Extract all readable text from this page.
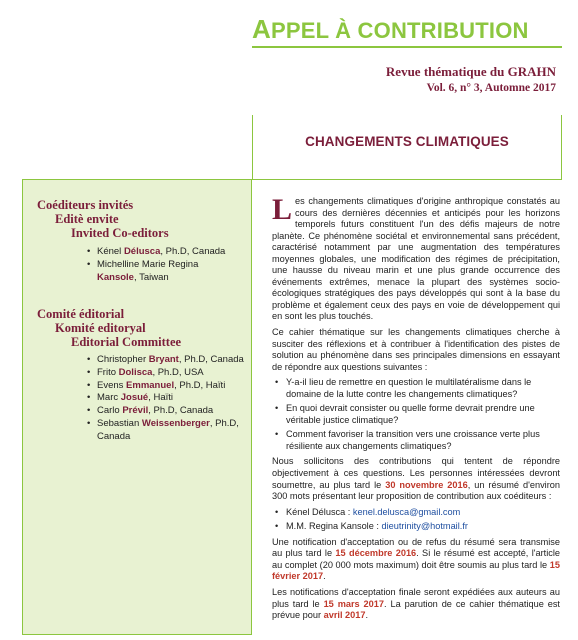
APPEL À CONTRIBUTION
Revue thématique du GRAHN
Vol. 6, n° 3, Automne 2017
CHANGEMENTS CLIMATIQUES
Coéditeurs invités
Editè envite
Invited Co-editors
• Kénel Délusca, Ph.D, Canada
• Michelline Marie Regina Kansole, Taiwan
Comité éditorial
Komité editoryal
Editorial Committee
• Christopher Bryant, Ph.D, Canada
• Frito Dolisca, Ph.D, USA
• Evens Emmanuel, Ph.D, Haïti
• Marc Josué, Haïti
• Carlo Prévil, Ph.D, Canada
• Sebastian Weissenberger, Ph.D, Canada

Les changements climatiques d'origine anthropique constatés au cours des dernières décennies et anticipés pour les horizons temporels futurs constituent l'un des défis majeurs de notre planète. Ce phénomène sociétal et environnemental sans précédent, caractérisé notamment par une augmentation des températures moyennes globales, une modification des régimes de précipitation, une hausse du niveau marin et une plus grande occurrence des événements extrêmes, menace la plupart des systèmes socio-écologiques stratégiques des pays développés qui sont à la base du problème et également ceux des pays en voie de développement qui en sont les plus touchés.

Ce cahier thématique sur les changements climatiques cherche à susciter des réflexions et à contribuer à l'identification des pistes de solution au phénomène dans ses principales dimensions en essayant de répondre aux questions suivantes :

• Y-a-il lieu de remettre en question le multilatéralisme dans le domaine de la lutte contre les changements climatiques?
• En quoi devrait consister ou quelle forme devrait prendre une véritable justice climatique?
• Comment favoriser la transition vers une croissance verte plus résiliente aux changements climatiques?

Nous sollicitons des contributions qui tentent de répondre objectivement à ces questions. Les personnes intéressées devront soumettre, au plus tard le 30 novembre 2016, un résumé d'environ 300 mots présentant leur proposition de contribution aux coéditeurs :

• Kénel Délusca : kenel.delusca@gmail.com
• M.M. Regina Kansole : dieutrinity@hotmail.fr

Une notification d'acceptation ou de refus du résumé sera transmise au plus tard le 15 décembre 2016. Si le résumé est accepté, l'article au complet (20 000 mots maximum) doit être soumis au plus tard le 15 février 2017.

Les notifications d'acceptation finale seront expédiées aux auteurs au plus tard le 15 mars 2017. La parution de ce cahier thématique est prévue pour avril 2017.
